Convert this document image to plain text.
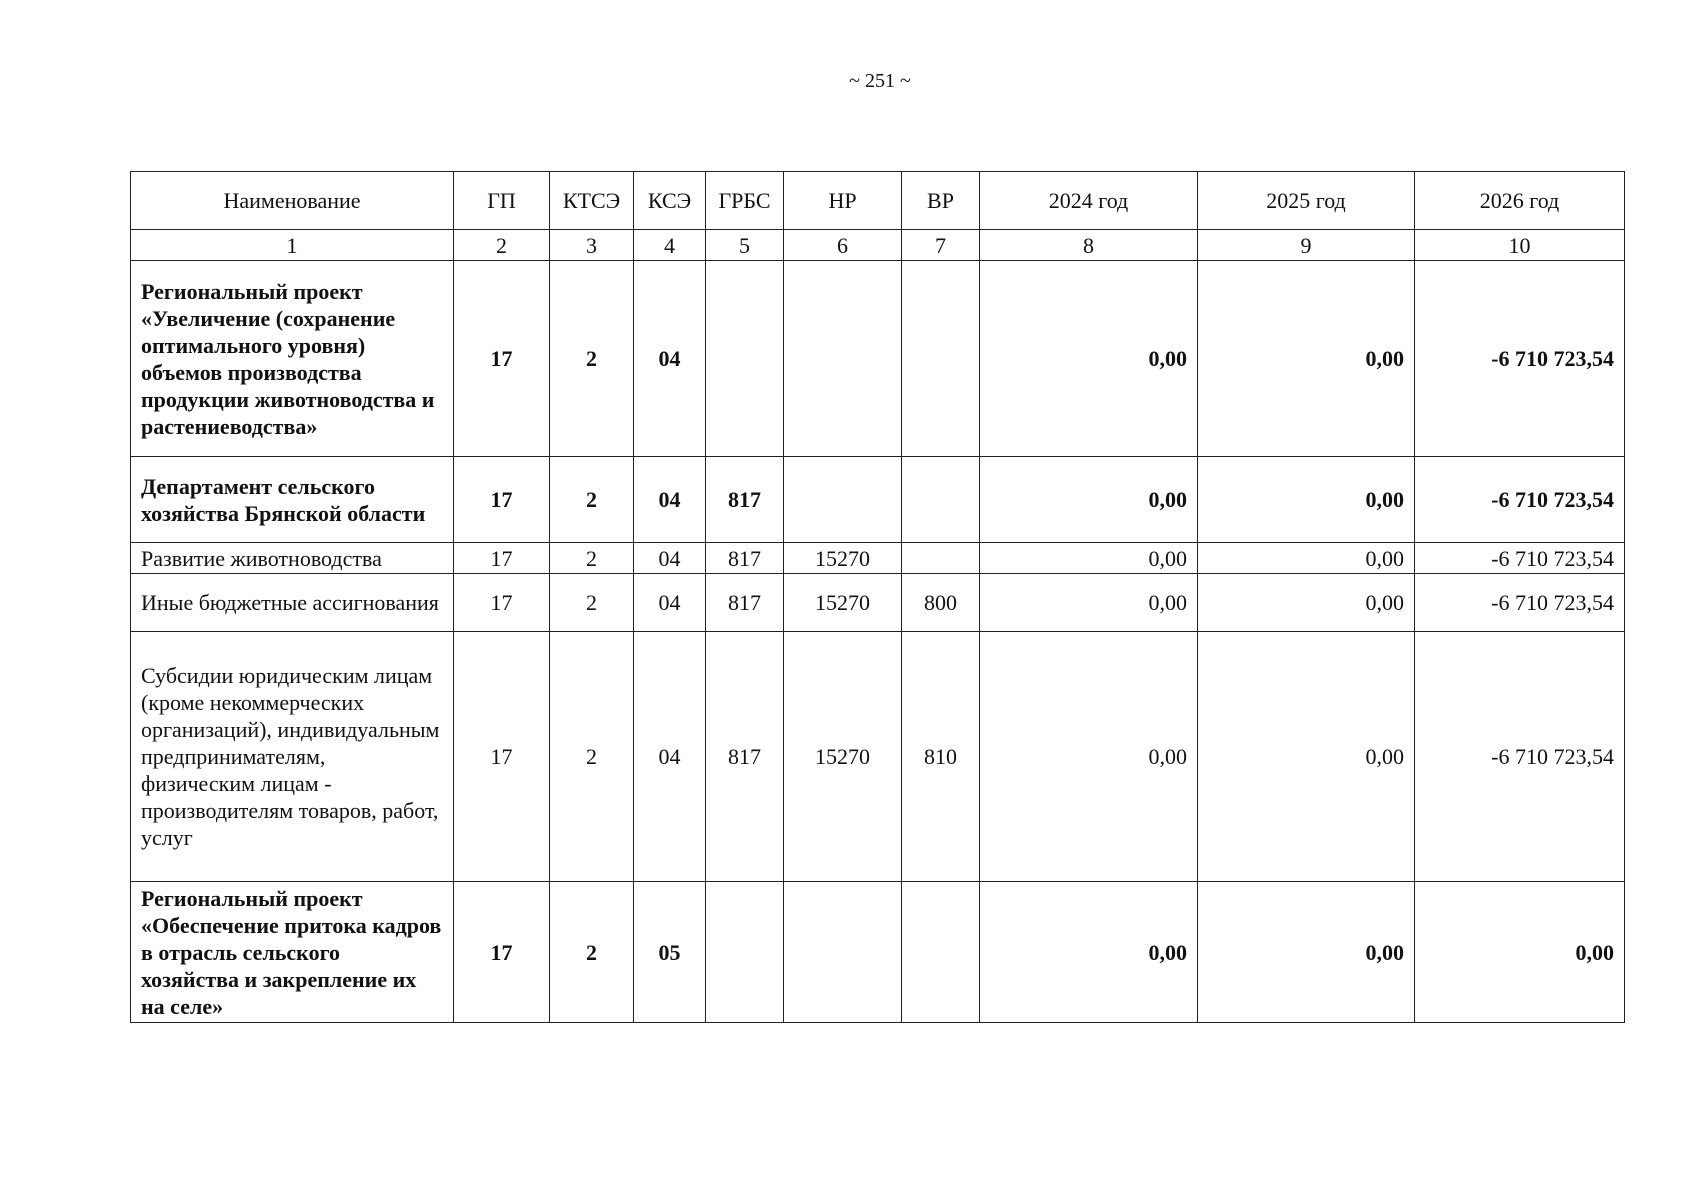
~ 251 ~
Наименование	ГП	КТСЭ	КСЭ	ГРБС	НР	ВР	2024 год	2025 год	2026 год
1	2	3	4	5	6	7	8	9	10
Региональный проект «Увеличение (сохранение оптимального уровня) объемов производства продукции животноводства и растениеводства»	17	2	04				0,00	0,00	-6 710 723,54
Департамент сельского хозяйства Брянской области	17	2	04	817			0,00	0,00	-6 710 723,54
Развитие животноводства	17	2	04	817	15270		0,00	0,00	-6 710 723,54
Иные бюджетные ассигнования	17	2	04	817	15270	800	0,00	0,00	-6 710 723,54
Субсидии юридическим лицам (кроме некоммерческих организаций), индивидуальным предпринимателям, физическим лицам - производителям товаров, работ, услуг	17	2	04	817	15270	810	0,00	0,00	-6 710 723,54
Региональный проект «Обеспечение притока кадров в отрасль сельского хозяйства и закрепление их на селе»	17	2	05				0,00	0,00	0,00
